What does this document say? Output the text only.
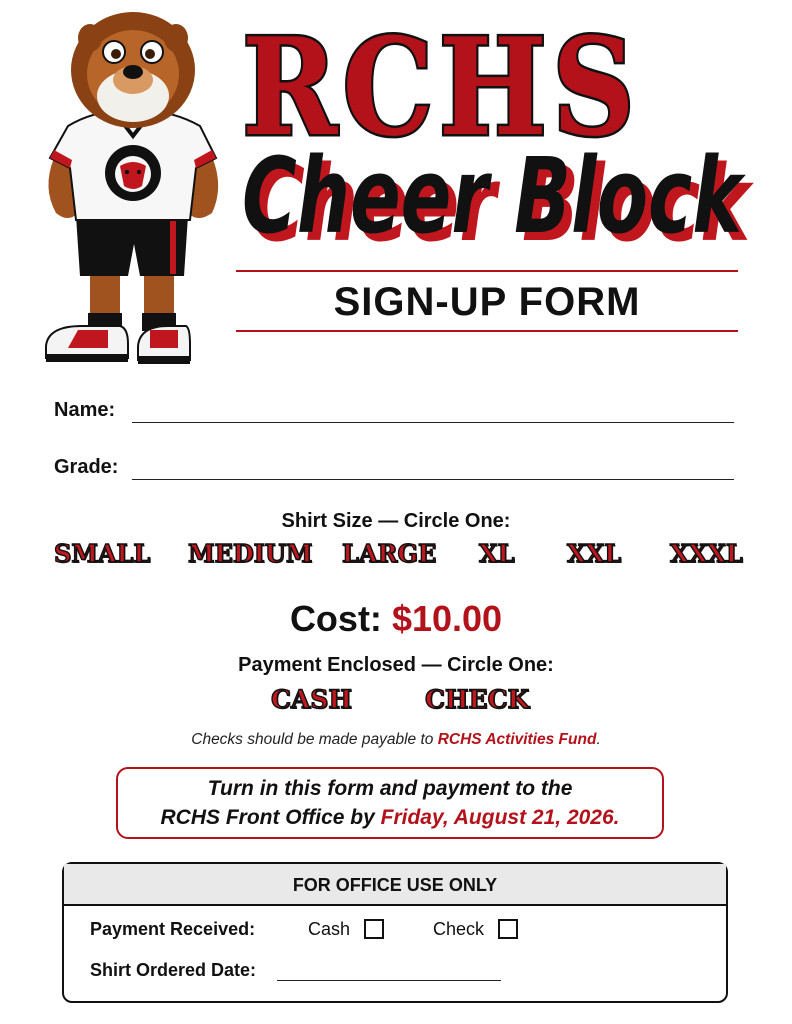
RCHS
Cheer Block
Cheer Block
SIGN-UP FORM
Name:
Grade:
Shirt Size — Circle One:
SMALL MEDIUM LARGE XL XXL XXXL
Cost: $10.00
Payment Enclosed — Circle One:
CASH	CHECK
Checks should be made payable to RCHS Activities Fund.
Turn in this form and payment to the
RCHS Front Office by Friday, August 21, 2026.
FOR OFFICE USE ONLY
Payment Received:	Cash	Check
Shirt Ordered Date:
